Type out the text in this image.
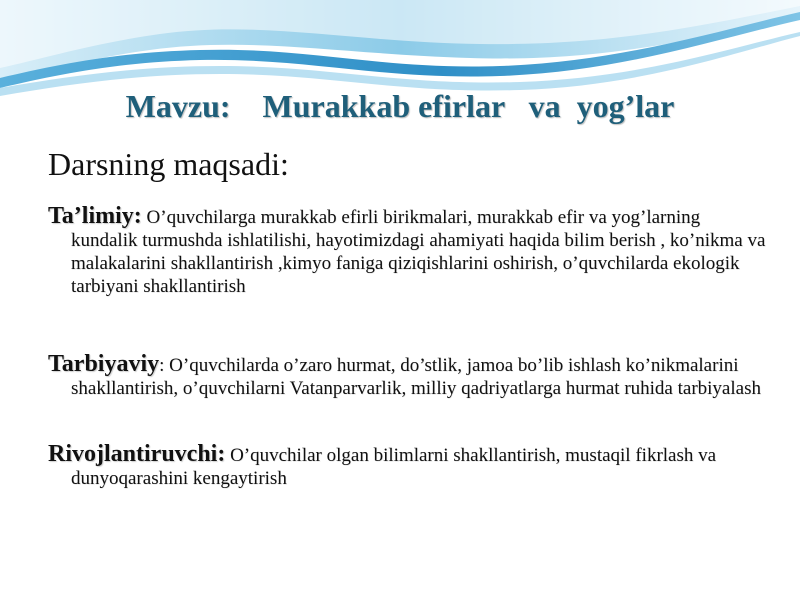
Mavzu:    Murakkab efirlar   va  yog’lar
Darsning maqsadi:
Ta’limiy: O’quvchilarga murakkab efirli birikmalari, murakkab efir va yog’larning kundalik turmushda ishlatilishi, hayotimizdagi ahamiyati haqida bilim berish , ko’nikma va malakalarini shakllantirish ,kimyo faniga qiziqishlarini oshirish, o’quvchilarda ekologik tarbiyani shakllantirish
Tarbiyaviy: O’quvchilarda o’zaro hurmat, do’stlik, jamoa bo’lib ishlash ko’nikmalarini shakllantirish, o’quvchilarni Vatanparvarlik, milliy qadriyatlarga hurmat ruhida tarbiyalash
Rivojlantiruvchi: O’quvchilar olgan bilimlarni shakllantirish, mustaqil fikrlash va dunyoqarashini kengaytirish
